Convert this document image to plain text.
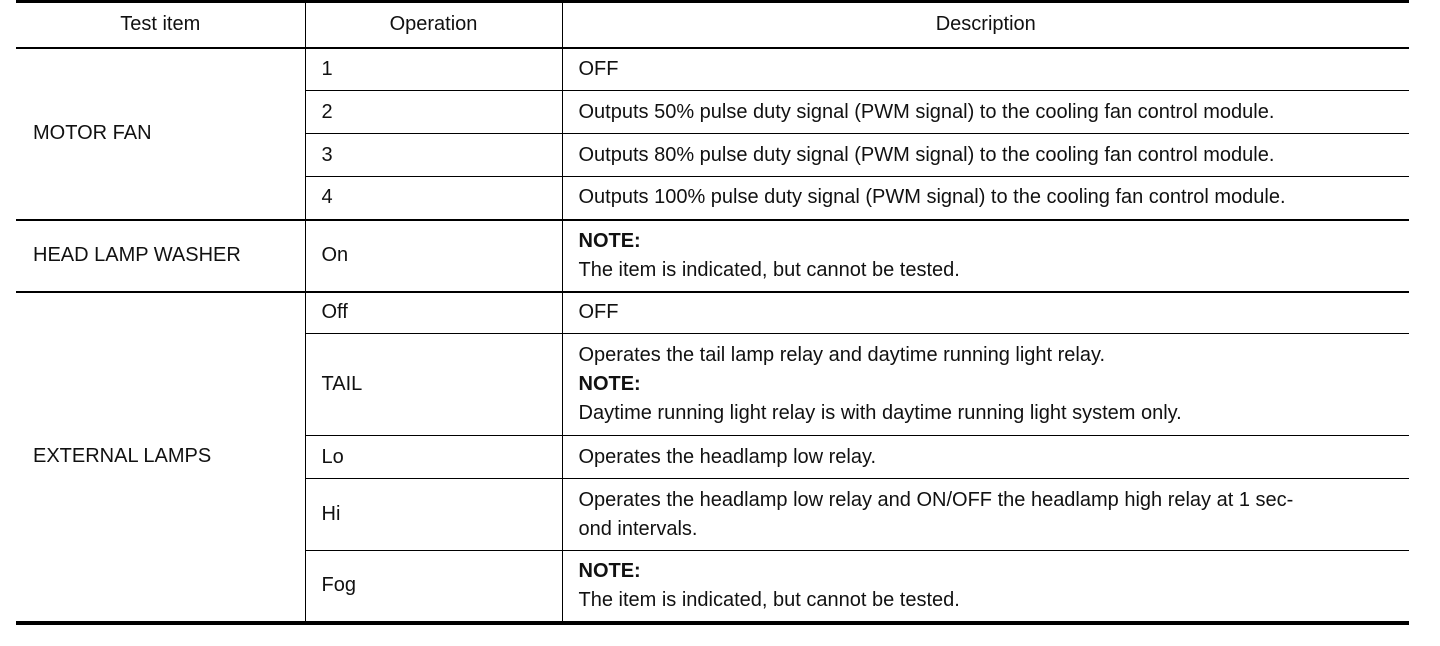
Test item	Operation	Description
MOTOR FAN	1	OFF

	2	Outputs 50% pulse duty signal (PWM signal) to the cooling fan control module.

	3	Outputs 80% pulse duty signal (PWM signal) to the cooling fan control module.

	4	Outputs 100% pulse duty signal (PWM signal) to the cooling fan control module.

HEAD LAMP WASHER	On	NOTE:
The item is indicated, but cannot be tested.

EXTERNAL LAMPS	Off	OFF

	TAIL	Operates the tail lamp relay and daytime running light relay.
NOTE:
Daytime running light relay is with daytime running light system only.

	Lo	Operates the headlamp low relay.

	Hi	Operates the headlamp low relay and ON/OFF the headlamp high relay at 1 sec-
ond intervals.

	Fog	NOTE:
The item is indicated, but cannot be tested.
